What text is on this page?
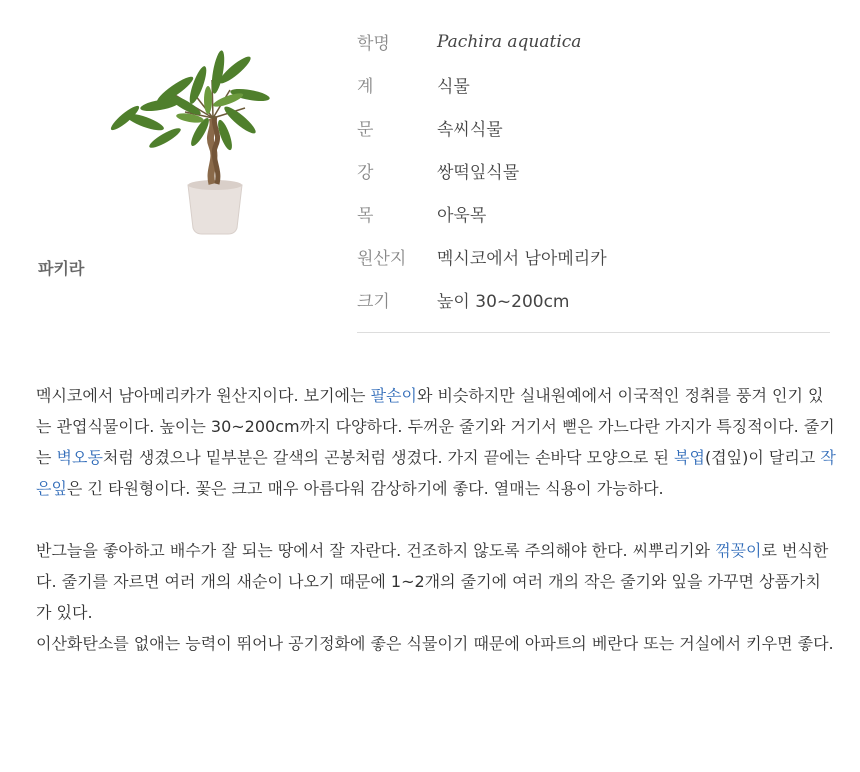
파키라
학명	Pachira aquatica
계	식물
문	속씨식물
강	쌍떡잎식물
목	아욱목
원산지	멕시코에서 남아메리카
크기	높이 30~200cm

멕시코에서 남아메리카가 원산지이다. 보기에는 팔손이와 비슷하지만 실내원예에서 이국적인 정취를 풍겨 인기 있는 관엽식물이다. 높이는 30~200cm까지 다양하다. 두꺼운 줄기와 거기서 뻗은 가느다란 가지가 특징적이다. 줄기는 벽오동처럼 생겼으나 밑부분은 갈색의 곤봉처럼 생겼다. 가지 끝에는 손바닥 모양으로 된 복엽(겹잎)이 달리고 작은잎은 긴 타원형이다. 꽃은 크고 매우 아름다워 감상하기에 좋다. 열매는 식용이 가능하다.

반그늘을 좋아하고 배수가 잘 되는 땅에서 잘 자란다. 건조하지 않도록 주의해야 한다. 씨뿌리기와 꺾꽂이로 번식한다. 줄기를 자르면 여러 개의 새순이 나오기 때문에 1~2개의 줄기에 여러 개의 작은 줄기와 잎을 가꾸면 상품가치가 있다.

이산화탄소를 없애는 능력이 뛰어나 공기정화에 좋은 식물이기 때문에 아파트의 베란다 또는 거실에서 키우면 좋다.
